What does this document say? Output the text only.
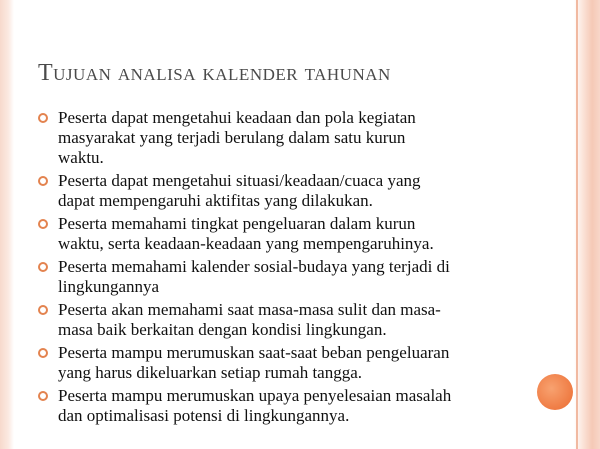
Tujuan analisa kalender tahunan
Peserta dapat mengetahui keadaan dan pola kegiatan
masyarakat yang terjadi berulang dalam satu kurun
waktu.
Peserta dapat mengetahui situasi/keadaan/cuaca yang
dapat mempengaruhi aktifitas yang dilakukan.
Peserta memahami tingkat pengeluaran dalam kurun
waktu, serta keadaan-keadaan yang mempengaruhinya.
Peserta memahami kalender sosial-budaya yang terjadi di
lingkungannya
Peserta akan memahami saat masa-masa sulit dan masa-
masa baik berkaitan dengan kondisi lingkungan.
Peserta mampu merumuskan saat-saat beban pengeluaran
yang harus dikeluarkan setiap rumah tangga.
Peserta mampu merumuskan upaya penyelesaian masalah
dan optimalisasi potensi di lingkungannya.
